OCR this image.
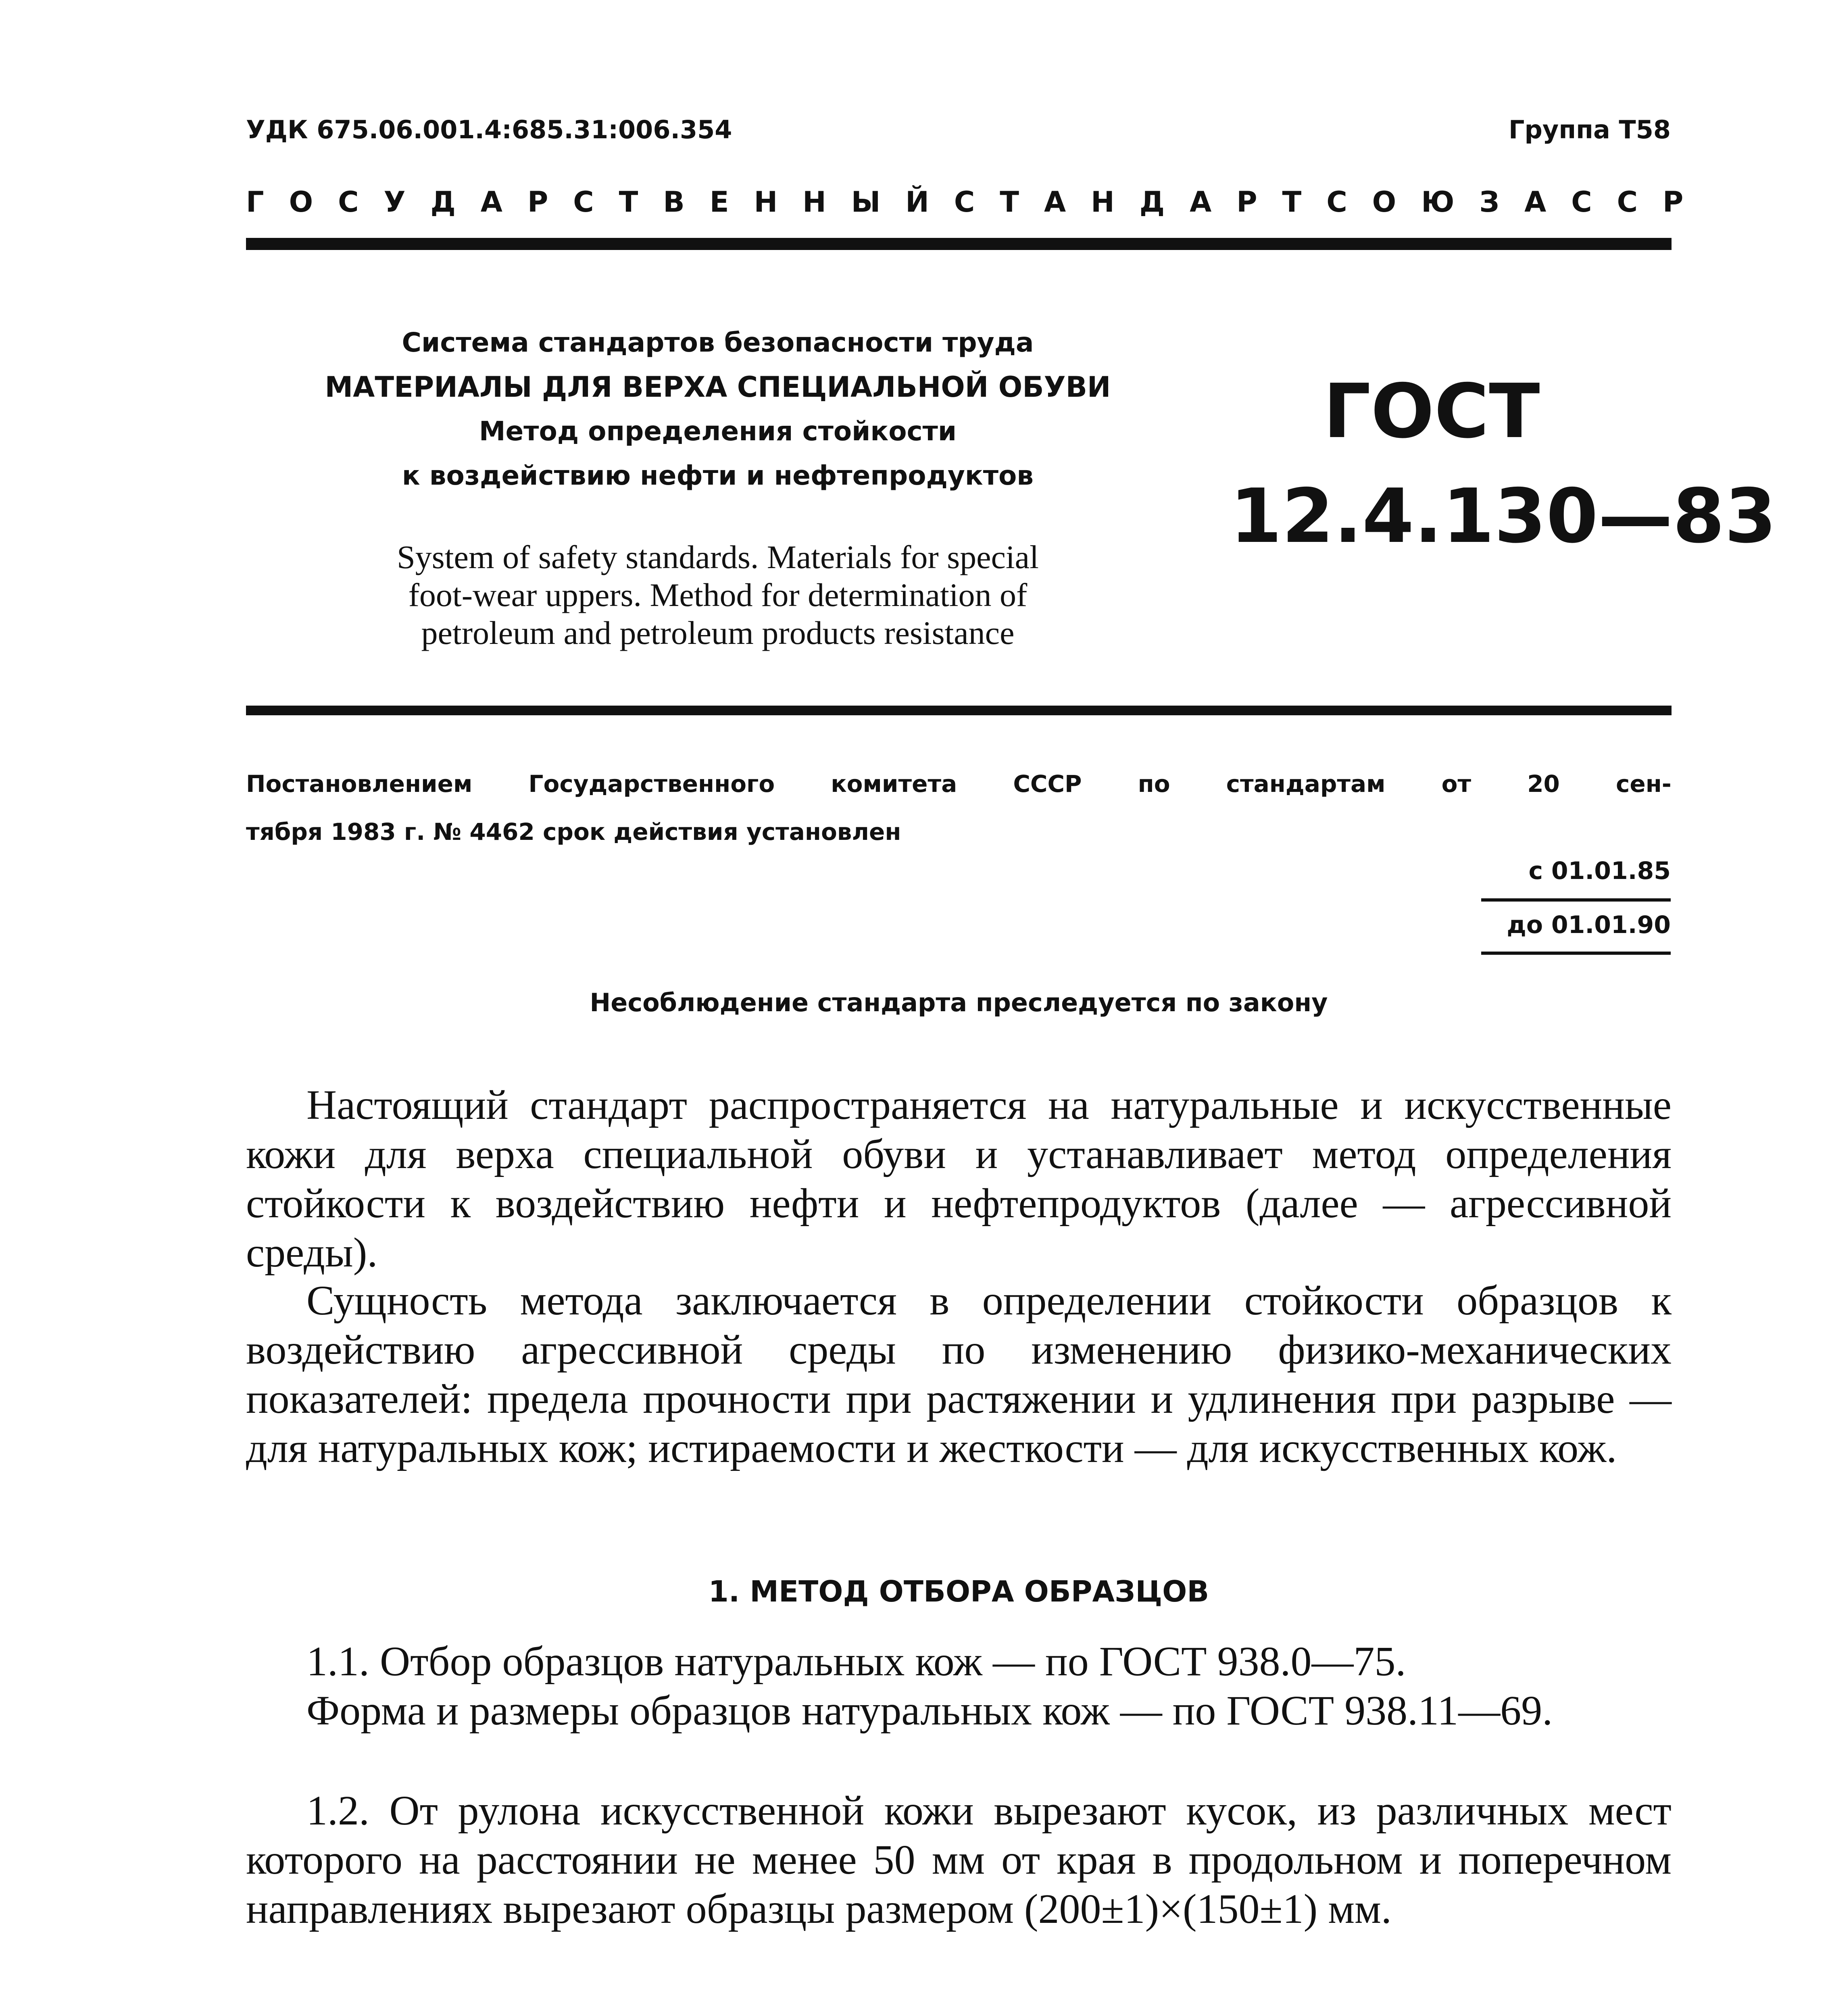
УДК 675.06.001.4:685.31:006.354	Группа Т58
ГОСУДАРСТВЕННЫЙ СТАНДАРТ СОЮЗА ССР
Система стандартов безопасности труда
МАТЕРИАЛЫ ДЛЯ ВЕРХА СПЕЦИАЛЬНОЙ ОБУВИ
Метод определения стойкости
к воздействию нефти и нефтепродуктов
System of safety standards. Materials for special
foot-wear uppers. Method for determination of
petroleum and petroleum products resistance
ГОСТ
12.4.130—83
Постановлением Государственного комитета СССР по стандартам от 20 сен-
тября 1983 г. № 4462 срок действия установлен
с 01.01.85
до 01.01.90
Несоблюдение стандарта преследуется по закону
Настоящий стандарт распространяется на натуральные и искусственные кожи для верха специальной обуви и устанавливает метод определения стойкости к воздействию нефти и нефтепродуктов (далее — агрессивной среды).
Сущность метода заключается в определении стойкости образцов к воздействию агрессивной среды по изменению физико-механических показателей: предела прочности при растяжении и удлинения при разрыве — для натуральных кож; истираемости и жесткости — для искусственных кож.
1. МЕТОД ОТБОРА ОБРАЗЦОВ
1.1. Отбор образцов натуральных кож — по ГОСТ 938.0—75.
Форма и размеры образцов натуральных кож — по ГОСТ 938.11—69.
1.2. От рулона искусственной кожи вырезают кусок, из различных мест которого на расстоянии не менее 50 мм от края в продольном и поперечном направлениях вырезают образцы размером (200±1)×(150±1) мм.
